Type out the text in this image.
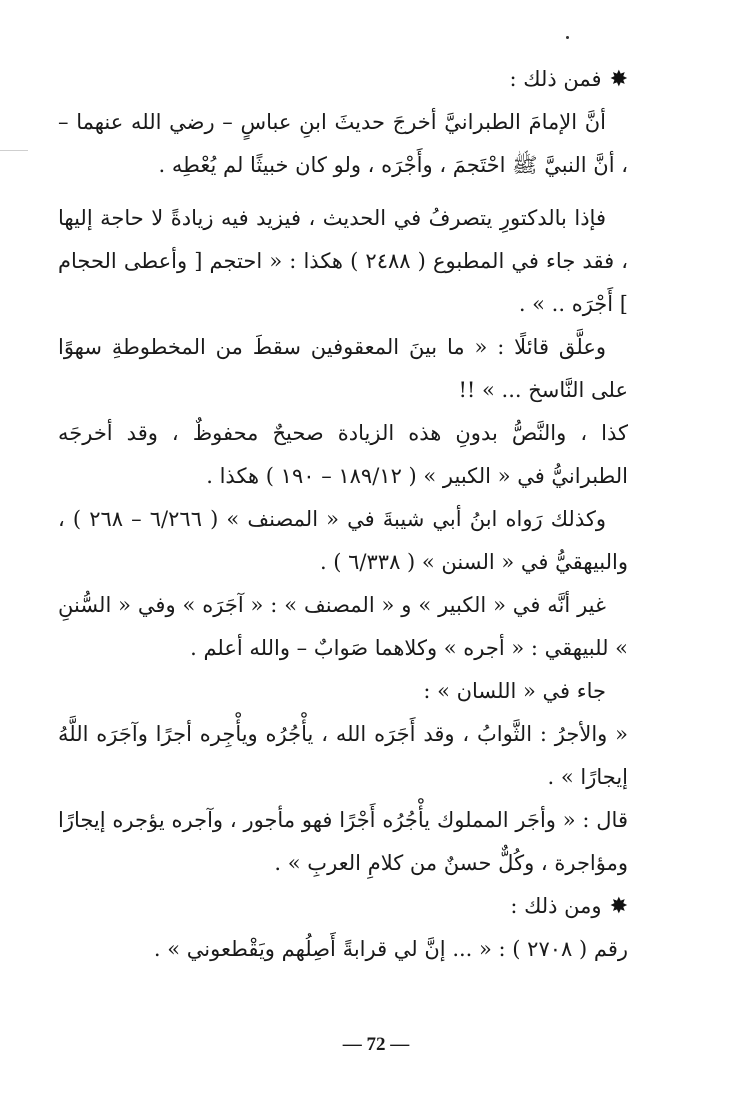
✸فمن ذلك :

أنَّ الإمامَ الطبرانيَّ أخرجَ حديثَ ابنِ عباسٍ – رضي الله عنهما – ، أنَّ النبيَّ ﷺ احْتَجمَ ، وأَجْرَه ، ولو كان خبيثًا لم يُعْطِه .

فإذا بالدكتورِ يتصرفُ في الحديث ، فيزيد فيه زيادةً لا حاجة إليها ، فقد جاء في المطبوع ( ٢٤٨٨ ) هكذا : « احتجم [ وأعطى الحجام ] أَجْرَه .. » .

وعلَّق قائلًا : « ما بينَ المعقوفين سقطَ من المخطوطةِ سهوًا على النَّاسخ ... » !!

كذا ، والنَّصُّ بدونِ هذه الزيادة صحيحٌ محفوظٌ ، وقد أخرجَه الطبرانيُّ في « الكبير » ( ١٨٩/١٢ – ١٩٠ ) هكذا .

وكذلك رَواه ابنُ أبي شيبةَ في « المصنف » ( ٦/٢٦٦ – ٢٦٨ ) ، والبيهقيُّ في « السنن » ( ٦/٣٣٨ ) .

غير أنَّه في « الكبير » و « المصنف » : « آجَرَه » وفي « السُّننِ » للبيهقي : « أجره » وكلاهما صَوابٌ – والله أعلم .

جاء في « اللسان » :

« والأجرُ : الثَّوابُ ، وقد أَجَرَه الله ، يأْجُرُه ويأْجِره أجرًا وآجَرَه اللَّهُ إيجارًا » .

قال : « وأجَر المملوك يأْجُرُه أَجْرًا فهو مأجور ، وآجره يؤجره إيجارًا ومؤاجرة ، وكُلٌّ حسنٌ من كلامِ العربِ » .

✸ومن ذلك :

رقم ( ٢٧٠٨ ) : « ... إنَّ لي قرابةً أَصِلُهم ويَقْطعوني » .

— 72 —
